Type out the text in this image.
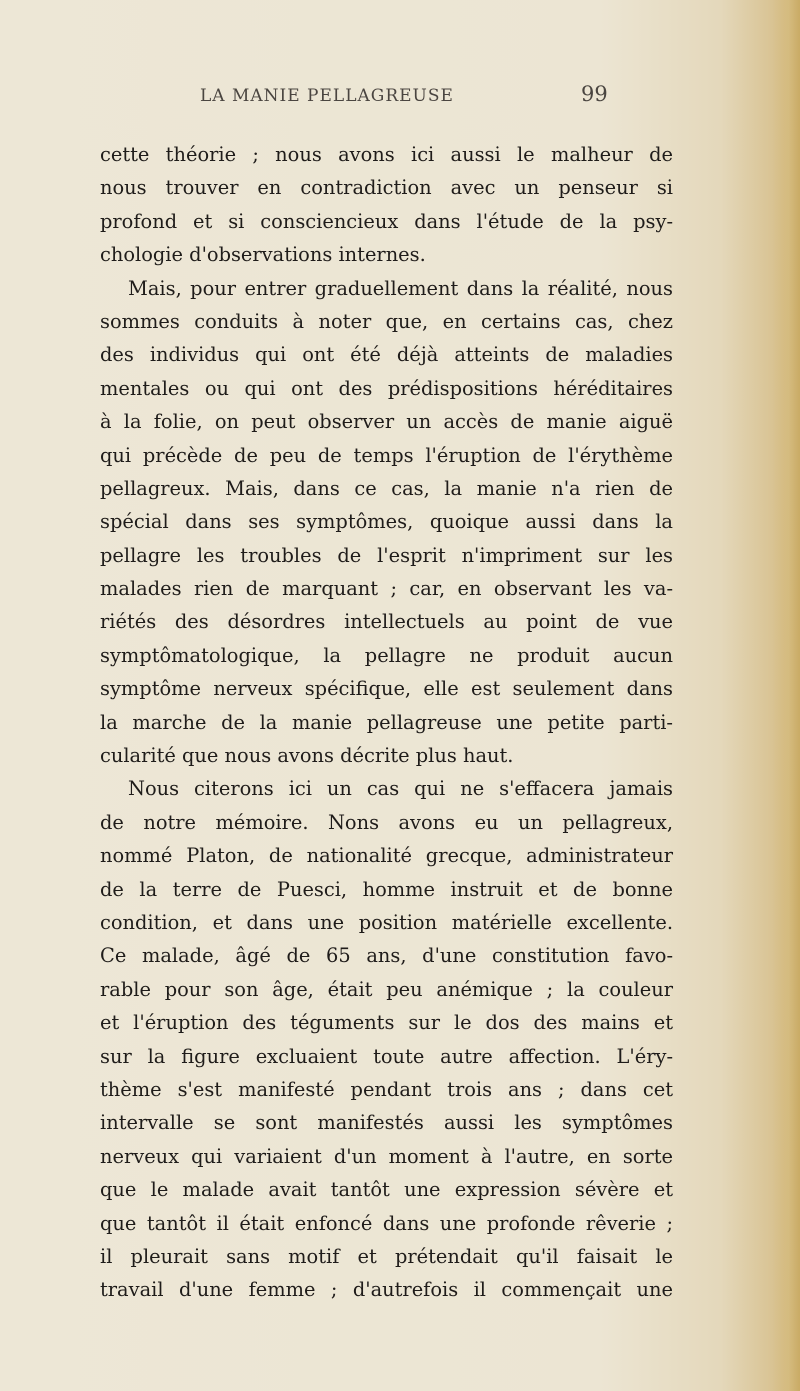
LA MANIE PELLAGREUSE	99
cette théorie ; nous avons ici aussi le malheur de
nous trouver en contradiction avec un penseur si
profond et si consciencieux dans l'étude de la psy-
chologie d'observations internes.
Mais, pour entrer graduellement dans la réalité, nous
sommes conduits à noter que, en certains cas, chez
des individus qui ont été déjà atteints de maladies
mentales ou qui ont des prédispositions héréditaires
à la folie, on peut observer un accès de manie aiguë
qui précède de peu de temps l'éruption de l'érythème
pellagreux. Mais, dans ce cas, la manie n'a rien de
spécial dans ses symptômes, quoique aussi dans la
pellagre les troubles de l'esprit n'impriment sur les
malades rien de marquant ; car, en observant les va-
riétés des désordres intellectuels au point de vue
symptômatologique, la pellagre ne produit aucun
symptôme nerveux spécifique, elle est seulement dans
la marche de la manie pellagreuse une petite parti-
cularité que nous avons décrite plus haut.
Nous citerons ici un cas qui ne s'effacera jamais
de notre mémoire. Nons avons eu un pellagreux,
nommé Platon, de nationalité grecque, administrateur
de la terre de Puesci, homme instruit et de bonne
condition, et dans une position matérielle excellente.
Ce malade, âgé de 65 ans, d'une constitution favo-
rable pour son âge, était peu anémique ; la couleur
et l'éruption des téguments sur le dos des mains et
sur la figure excluaient toute autre affection. L'éry-
thème s'est manifesté pendant trois ans ; dans cet
intervalle se sont manifestés aussi les symptômes
nerveux qui variaient d'un moment à l'autre, en sorte
que le malade avait tantôt une expression sévère et
que tantôt il était enfoncé dans une profonde rêverie ;
il pleurait sans motif et prétendait qu'il faisait le
travail d'une femme ; d'autrefois il commençait une
